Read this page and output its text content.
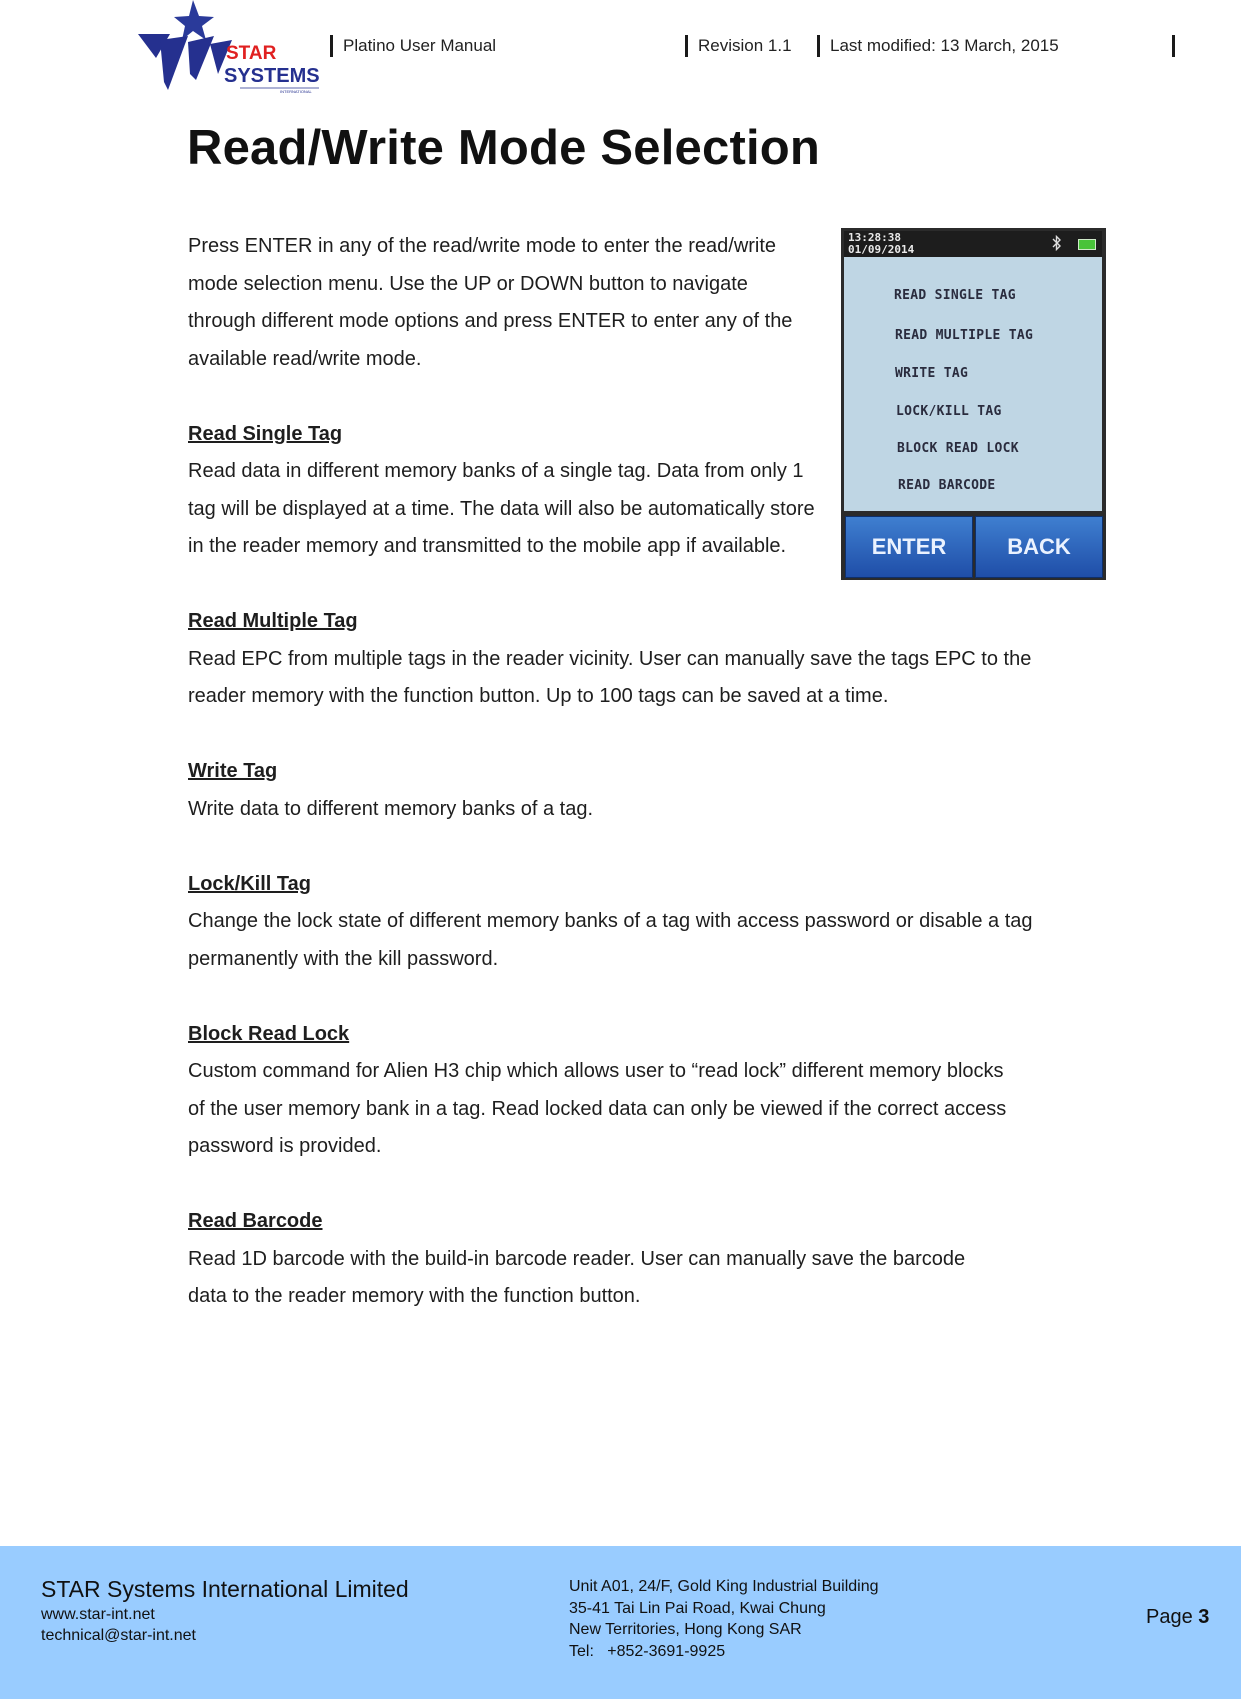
STAR
SYSTEMS
INTERNATIONAL
Platino User Manual	Revision 1.1 Last modified: 13 March, 2015
Read/Write Mode Selection

Press ENTER in any of the read/write mode to enter the read/write mode selection menu. Use the UP or DOWN button to navigate through different mode options and press ENTER to enter any of the available read/write mode.

Read Single Tag

Read data in different memory banks of a single tag. Data from only 1 tag will be displayed at a time. The data will also be automatically store in the reader memory and transmitted to the mobile app if available.

Read Multiple Tag

Read EPC from multiple tags in the reader vicinity. User can manually save the tags EPC to the reader memory with the function button. Up to 100 tags can be saved at a time.

Write Tag

Write data to different memory banks of a tag.

Lock/Kill Tag

Change the lock state of different memory banks of a tag with access password or disable a tag permanently with the kill password.

Block Read Lock

Custom command for Alien H3 chip which allows user to “read lock” different memory blocks of the user memory bank in a tag. Read locked data can only be viewed if the correct access password is provided.

Read Barcode

Read 1D barcode with the build-in barcode reader. User can manually save the barcode data to the reader memory with the function button.

13:28:38
01/09/2014
READ SINGLE TAG
READ MULTIPLE TAG
WRITE TAG
LOCK/KILL TAG
BLOCK READ LOCK
READ BARCODE
ENTER	BACK
STAR Systems International Limited
www.star-int.net
technical@star-int.net
Unit A01, 24/F, Gold King Industrial Building
35-41 Tai Lin Pai Road, Kwai Chung
New Territories, Hong Kong SAR
Tel:   +852-3691-9925
Page 3
